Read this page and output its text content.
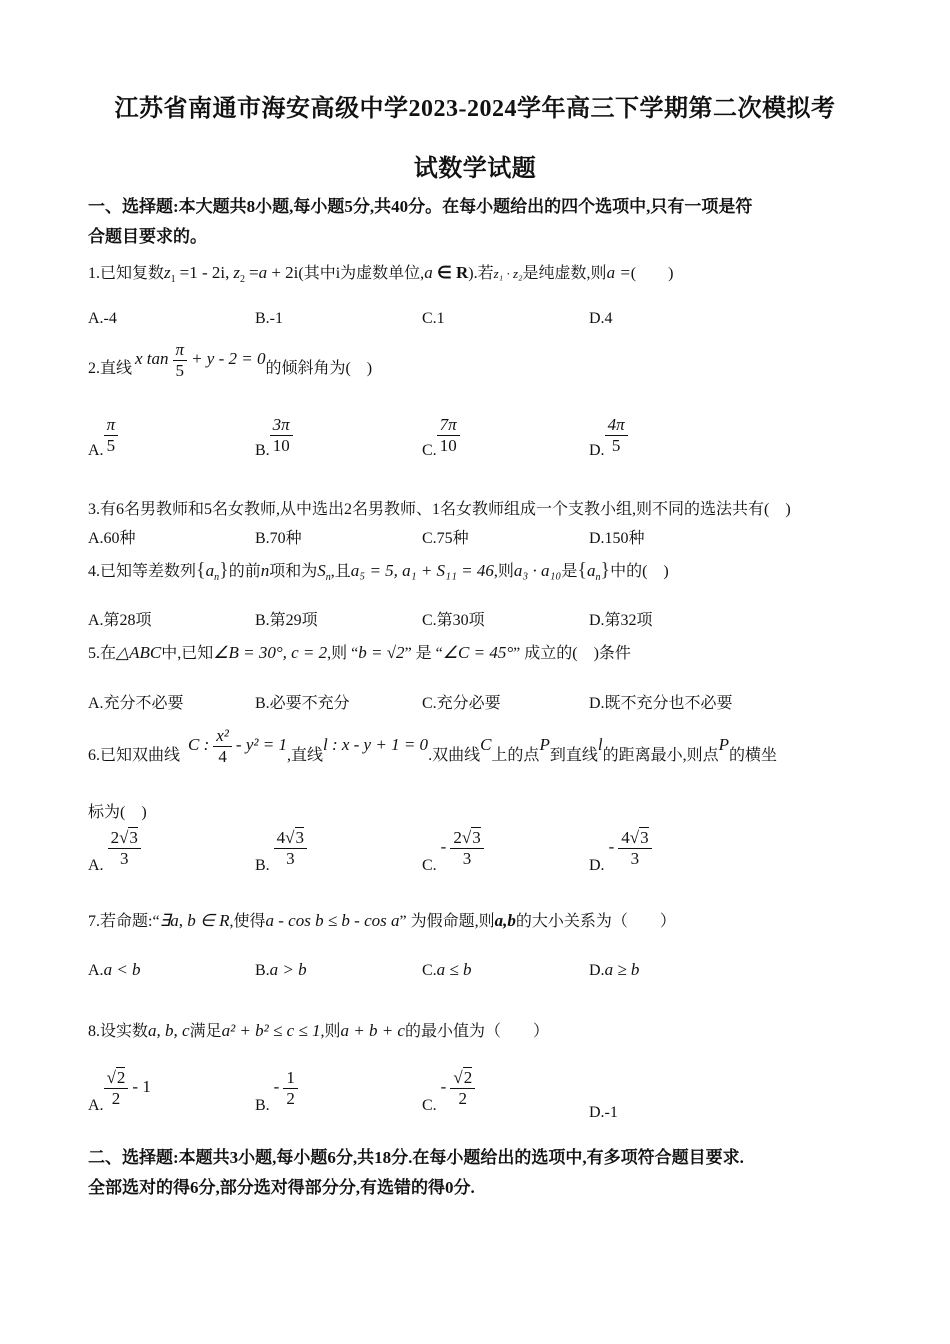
江苏省南通市海安高级中学2023-2024学年高三下学期第二次模拟考
试数学试题
一、选择题:本大题共8小题,每小题5分,共40分。在每小题给出的四个选项中,只有一项是符
合题目要求的。
1.已知复数$z_1 =1 - 2i$, $z_2 =a + 2i$(其中i为虚数单位,a ∈ R).若z₁ · z₂是纯虚数,则a =(　　)
A.-4	B.-1	C.1	D.4
2.直线x $\tan \frac{\pi}{5} + y - 2 = 0$的倾斜角为(　)
A. $\frac{\pi}{5}$	B. $\frac{3\pi}{10}$	C. $\frac{7\pi}{10}$	D. $\frac{4\pi}{5}$
3.有6名男教师和5名女教师,从中选出2名男教师、1名女教师组成一个支教小组,则不同的选法共有(　)
A.60种	B.70种	C.75种	D.150种
4.已知等差数列$\{a_n\}$的前n项和为$S_n$,且a₅ = 5, a₁ + S₁₁ = 46,则a₃ · a₁₀是$\{a_n\}$中的(　)
A.第28项	B.第29项	C.第30项	D.第32项
5.在△ABC中,已知∠B = 30°, c = 2,则 “b = √2” 是 “∠C = 45°” 成立的(　)条件
A.充分不必要	B.必要不充分	C.充分必要	D.既不充分也不必要
6.已知双曲线 C : $\frac{\text{x²}}{4} - y^2 = 1$,直线l : x - y + 1 = 0.双曲线C上的点P到直线l的距离最小,则点P的横坐
标为(　)
A. $\frac{2√3}{3}$	B. $\frac{4√3}{3}$	C. - $\frac{2√3}{3}$	D. - $\frac{4√3}{3}$
7.若命题:“∃a, b ∈ R,使得a - cos b ≤ b - cos a” 为假命题,则a,b的大小关系为（　　）
A.a < b	B.a > b	C.a ≤ b	D.a ≥ b
8.设实数a, b, c满足a² + b² ≤ c ≤ 1,则a + b + c的最小值为（　　）
A. $\frac{√2}{2} - 1$
B. - $\frac{1}{2}$	C. - $\frac{√2}{2}$
D.-1
二、选择题:本题共3小题,每小题6分,共18分.在每小题给出的选项中,有多项符合题目要求.
全部选对的得6分,部分选对得部分分,有选错的得0分.
